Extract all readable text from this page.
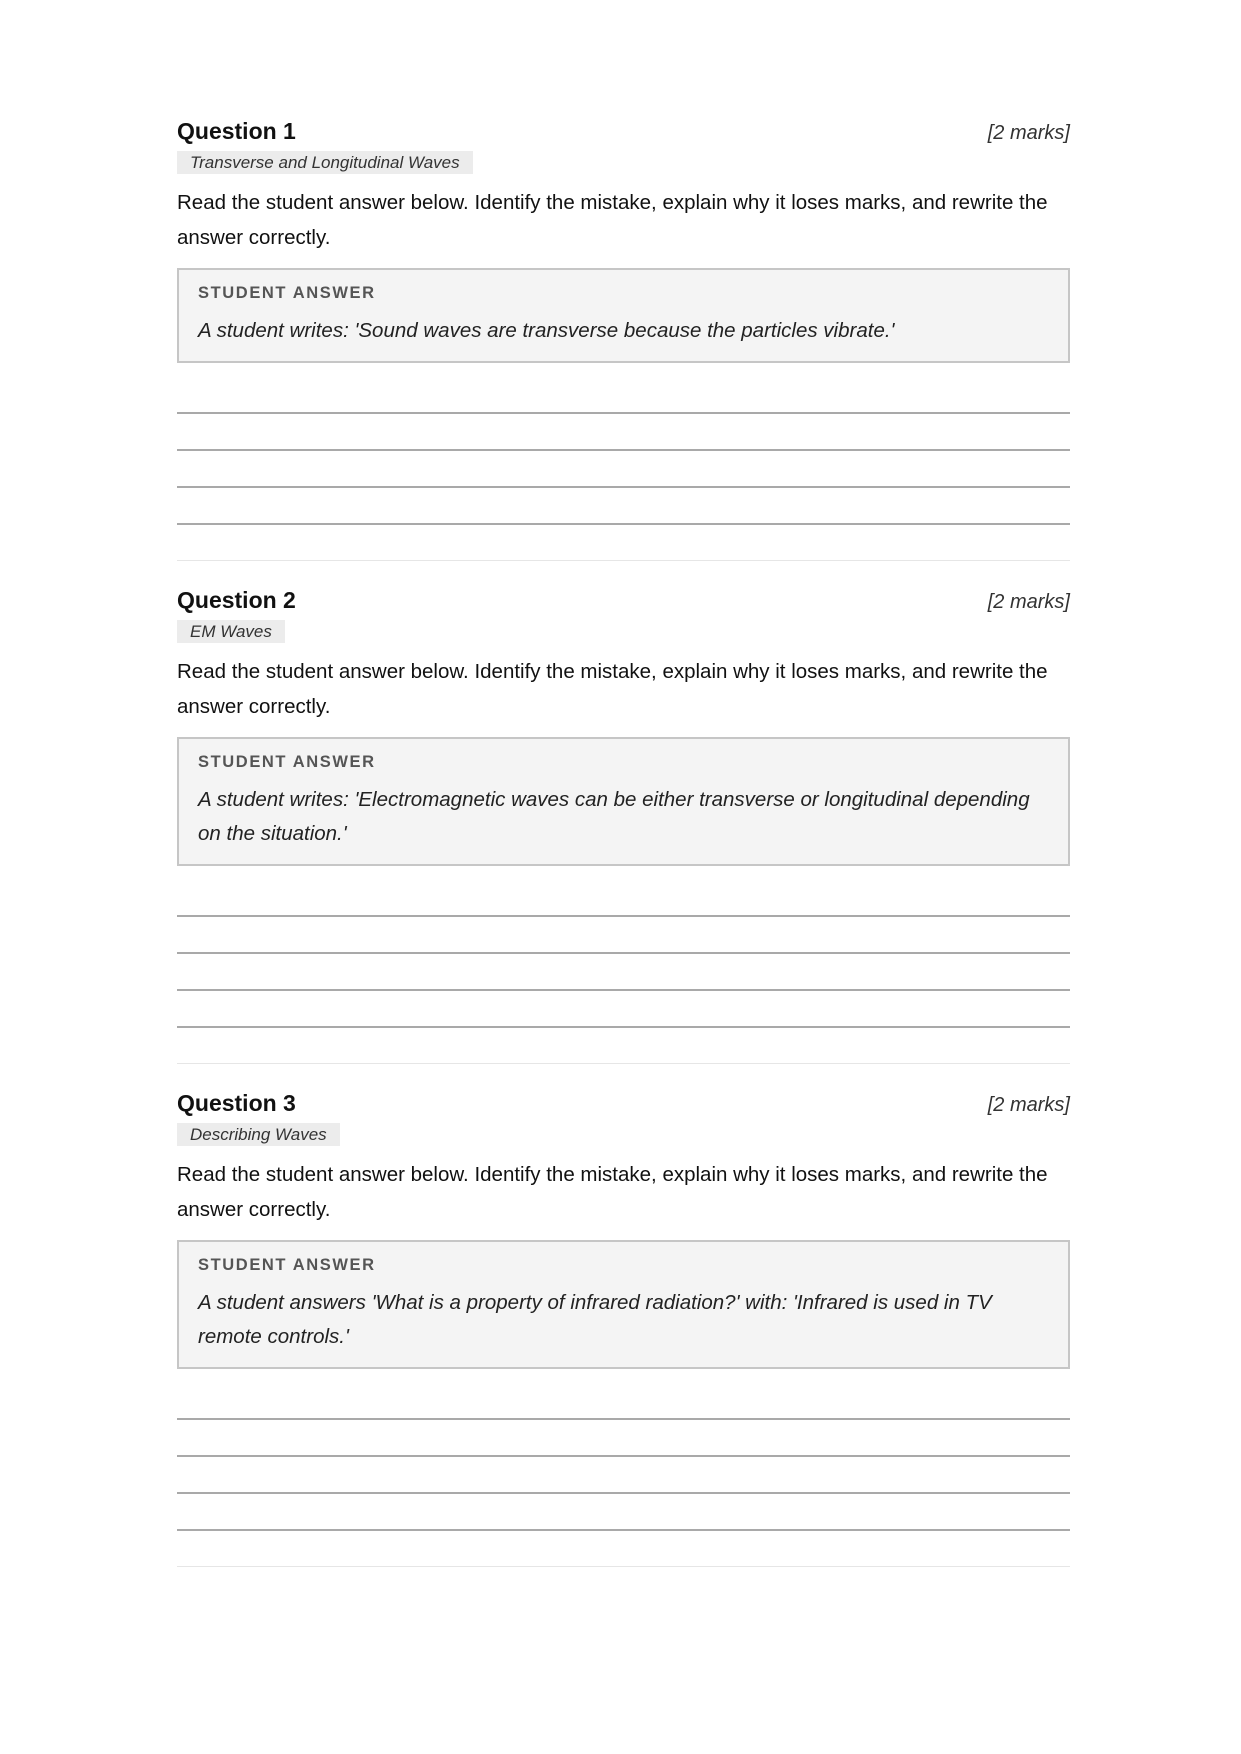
Question 1	[2 marks]
Transverse and Longitudinal Waves
Read the student answer below. Identify the mistake, explain why it loses marks, and rewrite the answer correctly.
STUDENT ANSWER
A student writes: 'Sound waves are transverse because the particles vibrate.'
Question 2	[2 marks]
EM Waves
Read the student answer below. Identify the mistake, explain why it loses marks, and rewrite the answer correctly.
STUDENT ANSWER
A student writes: 'Electromagnetic waves can be either transverse or longitudinal depending on the situation.'
Question 3	[2 marks]
Describing Waves
Read the student answer below. Identify the mistake, explain why it loses marks, and rewrite the answer correctly.
STUDENT ANSWER
A student answers 'What is a property of infrared radiation?' with: 'Infrared is used in TV remote controls.'
